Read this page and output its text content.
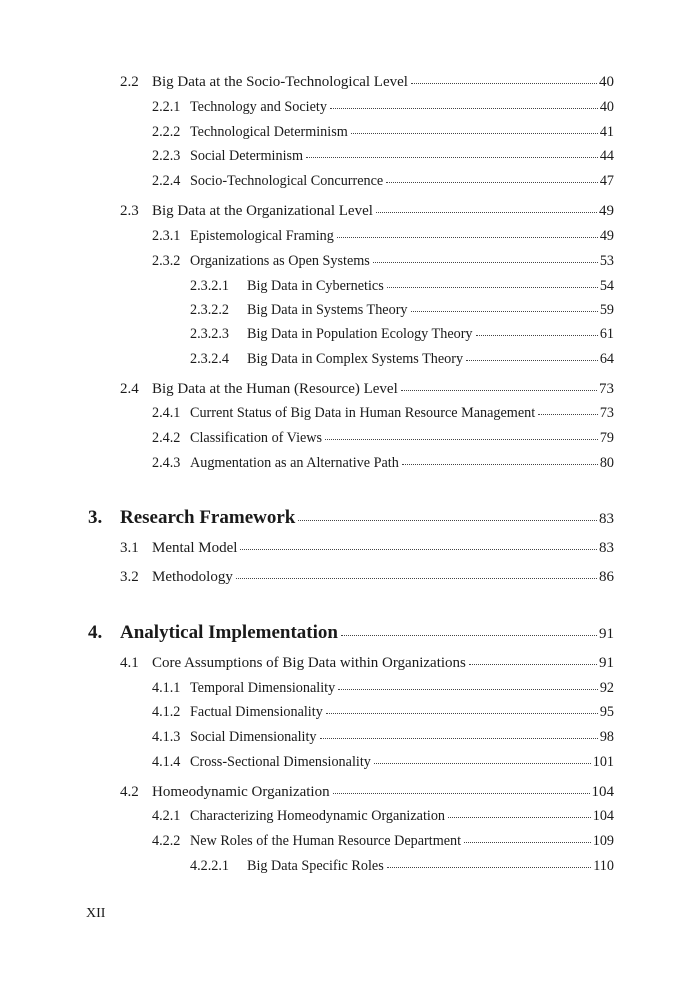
2.2 Big Data at the Socio-Technological Level	40
2.2.1 Technology and Society	40
2.2.2 Technological Determinism	41
2.2.3 Social Determinism	44
2.2.4 Socio-Technological Concurrence	47
2.3 Big Data at the Organizational Level	49
2.3.1 Epistemological Framing	49
2.3.2 Organizations as Open Systems	53
2.3.2.1	Big Data in Cybernetics	54
2.3.2.2	Big Data in Systems Theory	59
2.3.2.3	Big Data in Population Ecology Theory	61
2.3.2.4	Big Data in Complex Systems Theory	64
2.4 Big Data at the Human (Resource) Level	73
2.4.1 Current Status of Big Data in Human Resource Management	73
2.4.2 Classification of Views	79
2.4.3 Augmentation as an Alternative Path	80
3. Research Framework	83
3.1 Mental Model	83
3.2 Methodology	86
4. Analytical Implementation	91
4.1 Core Assumptions of Big Data within Organizations	91
4.1.1 Temporal Dimensionality	92
4.1.2 Factual Dimensionality	95
4.1.3 Social Dimensionality	98
4.1.4 Cross-Sectional Dimensionality	101
4.2 Homeodynamic Organization	104
4.2.1 Characterizing Homeodynamic Organization	104
4.2.2 New Roles of the Human Resource Department	109
4.2.2.1	Big Data Specific Roles	110
XII
